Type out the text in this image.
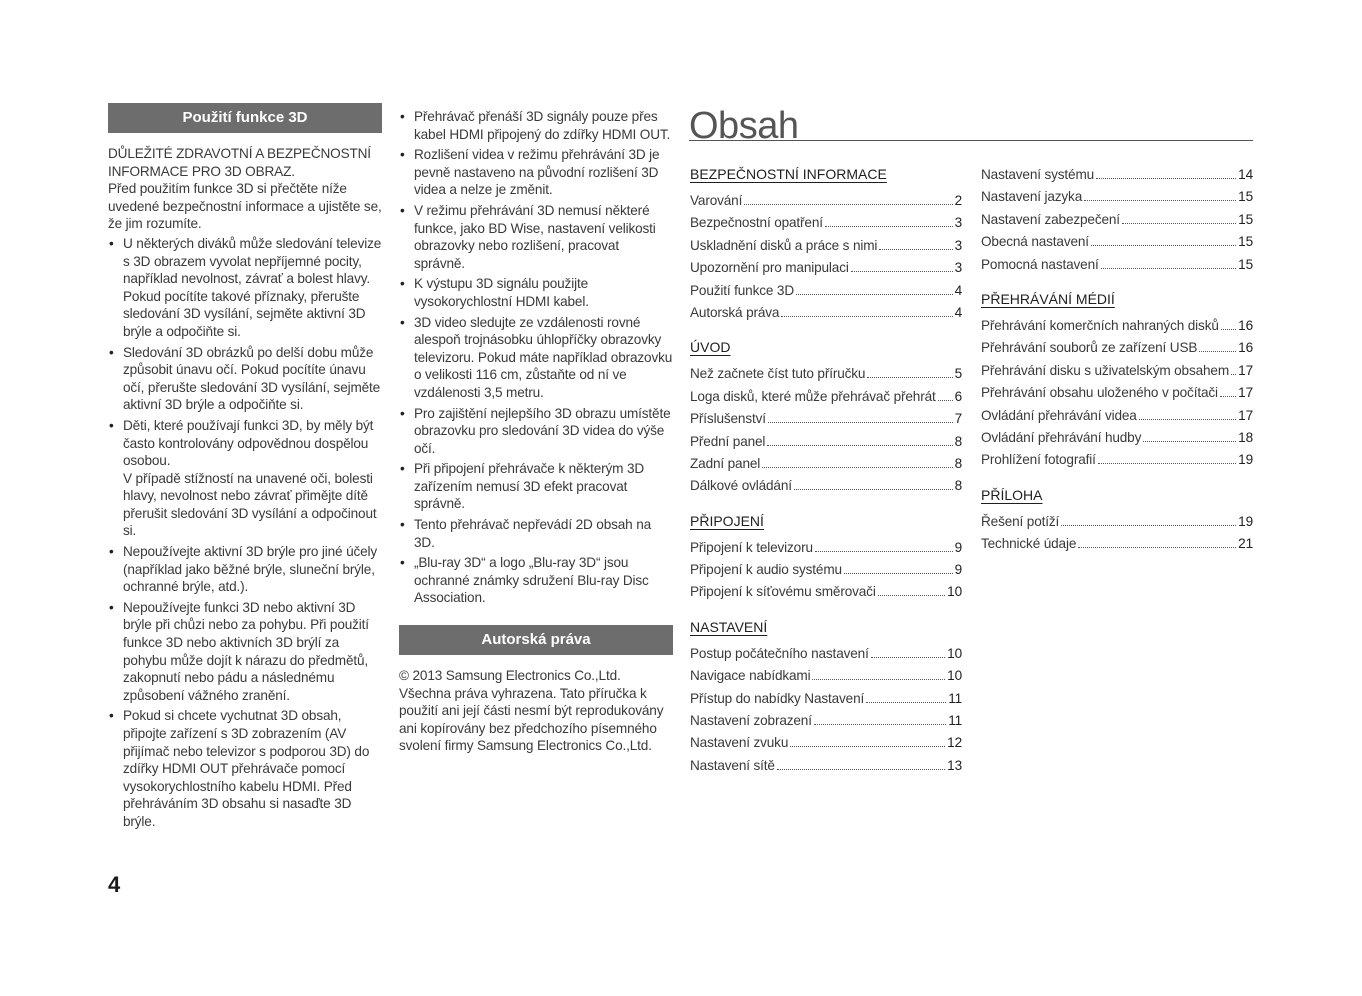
Použití funkce 3D

DŮLEŽITÉ ZDRAVOTNÍ A BEZPEČNOSTNÍ INFORMACE PRO 3D OBRAZ.

Před použitím funkce 3D si přečtěte níže uvedené bezpečnostní informace a ujistěte se, že jim rozumíte.

• U některých diváků může sledování televize s 3D obrazem vyvolat nepříjemné pocity, například nevolnost, závrať a bolest hlavy. Pokud pocítíte takové příznaky, přerušte sledování 3D vysílání, sejměte aktivní 3D brýle a odpočiňte si.
• Sledování 3D obrázků po delší dobu může způsobit únavu očí. Pokud pocítíte únavu očí, přerušte sledování 3D vysílání, sejměte aktivní 3D brýle a odpočiňte si.
• Děti, které používají funkci 3D, by měly být často kontrolovány odpovědnou dospělou osobou.
V případě stížností na unavené oči, bolesti hlavy, nevolnost nebo závrať přimějte dítě přerušit sledování 3D vysílání a odpočinout si.
• Nepoužívejte aktivní 3D brýle pro jiné účely (například jako běžné brýle, sluneční brýle, ochranné brýle, atd.).
• Nepoužívejte funkci 3D nebo aktivní 3D brýle při chůzi nebo za pohybu. Při použití funkce 3D nebo aktivních 3D brýlí za pohybu může dojít k nárazu do předmětů, zakopnutí nebo pádu a následnému způsobení vážného zranění.
• Pokud si chcete vychutnat 3D obsah, připojte zařízení s 3D zobrazením (AV přijímač nebo televizor s podporou 3D) do zdířky HDMI OUT přehrávače pomocí vysokorychlostního kabelu HDMI. Před přehráváním 3D obsahu si nasaďte 3D brýle.
• Přehrávač přenáší 3D signály pouze přes kabel HDMI připojený do zdířky HDMI OUT.
• Rozlišení videa v režimu přehrávání 3D je pevně nastaveno na původní rozlišení 3D videa a nelze je změnit.
• V režimu přehrávání 3D nemusí některé funkce, jako BD Wise, nastavení velikosti obrazovky nebo rozlišení, pracovat správně.
• K výstupu 3D signálu použijte vysokorychlostní HDMI kabel.
• 3D video sledujte ze vzdálenosti rovné alespoň trojnásobku úhlopříčky obrazovky televizoru. Pokud máte například obrazovku o velikosti 116 cm, zůstaňte od ní ve vzdálenosti 3,5 metru.
• Pro zajištění nejlepšího 3D obrazu umístěte obrazovku pro sledování 3D videa do výše očí.
• Při připojení přehrávače k některým 3D zařízením nemusí 3D efekt pracovat správně.
• Tento přehrávač nepřevádí 2D obsah na 3D.
• „Blu-ray 3D“ a logo „Blu-ray 3D“ jsou ochranné známky sdružení Blu-ray Disc Association.
Autorská práva

© 2013 Samsung Electronics Co.,Ltd.

Všechna práva vyhrazena. Tato příručka k použití ani její části nesmí být reprodukovány ani kopírovány bez předchozího písemného svolení firmy Samsung Electronics Co.,Ltd.

Obsah
BEZPEČNOSTNÍ INFORMACE
Varování	2
Bezpečnostní opatření	3
Uskladnění disků a práce s nimi	3
Upozornění pro manipulaci	3
Použití funkce 3D	4
Autorská práva	4
ÚVOD
Než začnete číst tuto příručku	5
Loga disků, které může přehrávač přehrát 6
Příslušenství	7
Přední panel	8
Zadní panel	8
Dálkové ovládání	8
PŘIPOJENÍ
Připojení k televizoru	9
Připojení k audio systému	9
Připojení k síťovému směrovači	10
NASTAVENÍ
Postup počátečního nastavení	10
Navigace nabídkami	10
Přístup do nabídky Nastavení	11
Nastavení zobrazení	11
Nastavení zvuku	12
Nastavení sítě	13
Nastavení systému	14
Nastavení jazyka	15
Nastavení zabezpečení	15
Obecná nastavení	15
Pomocná nastavení	15
PŘEHRÁVÁNÍ MÉDIÍ
Přehrávání komerčních nahraných disků 16
Přehrávání souborů ze zařízení USB	16
Přehrávání disku s uživatelským obsahem 17
Přehrávání obsahu uloženého v počítači 17
Ovládání přehrávání videa	17
Ovládání přehrávání hudby	18
Prohlížení fotografií	19
PŘÍLOHA
Řešení potíží	19
Technické údaje	21
4
